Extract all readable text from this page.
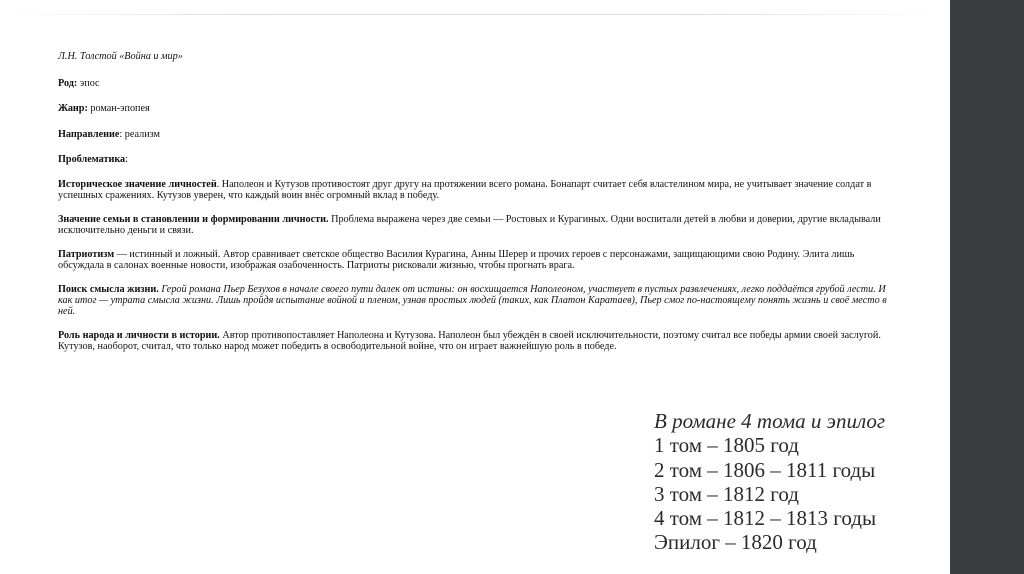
Л.Н. Толстой «Война и мир»

Род: эпос

Жанр: роман-эпопея

Направление: реализм

Проблематика:

Историческое значение личностей. Наполеон и Кутузов противостоят друг другу на протяжении всего романа. Бонапарт считает себя властелином мира, не учитывает значение солдат в успешных сражениях. Кутузов уверен, что каждый воин внёс огромный вклад в победу.

Значение семьи в становлении и формировании личности. Проблема выражена через две семьи — Ростовых и Курагиных. Одни воспитали детей в любви и доверии, другие вкладывали исключительно деньги и связи.

Патриотизм — истинный и ложный. Автор сравнивает светское общество Василия Курагина, Анны Шерер и прочих героев с персонажами, защищающими свою Родину. Элита лишь обсуждала в салонах военные новости, изображая озабоченность. Патриоты рисковали жизнью, чтобы прогнать врага.

Поиск смысла жизни. Герой романа Пьер Безухов в начале своего пути далек от истины: он восхищается Наполеоном, участвует в пустых развлечениях, легко поддаётся грубой лести. И как итог — утрата смысла жизни. Лишь пройдя испытание войной и пленом, узнав простых людей (таких, как Платон Каратаев), Пьер смог по-настоящему понять жизнь и своё место в ней.

Роль народа и личности в истории. Автор противопоставляет Наполеона и Кутузова. Наполеон был убеждён в своей исключительности, поэтому считал все победы армии своей заслугой. Кутузов, наоборот, считал, что только народ может победить в освободительной войне, что он играет важнейшую роль в победе.

В романе 4 тома и эпилог
1 том – 1805 год
2 том – 1806 – 1811 годы
3 том – 1812 год
4 том – 1812 – 1813 годы
Эпилог – 1820 год
